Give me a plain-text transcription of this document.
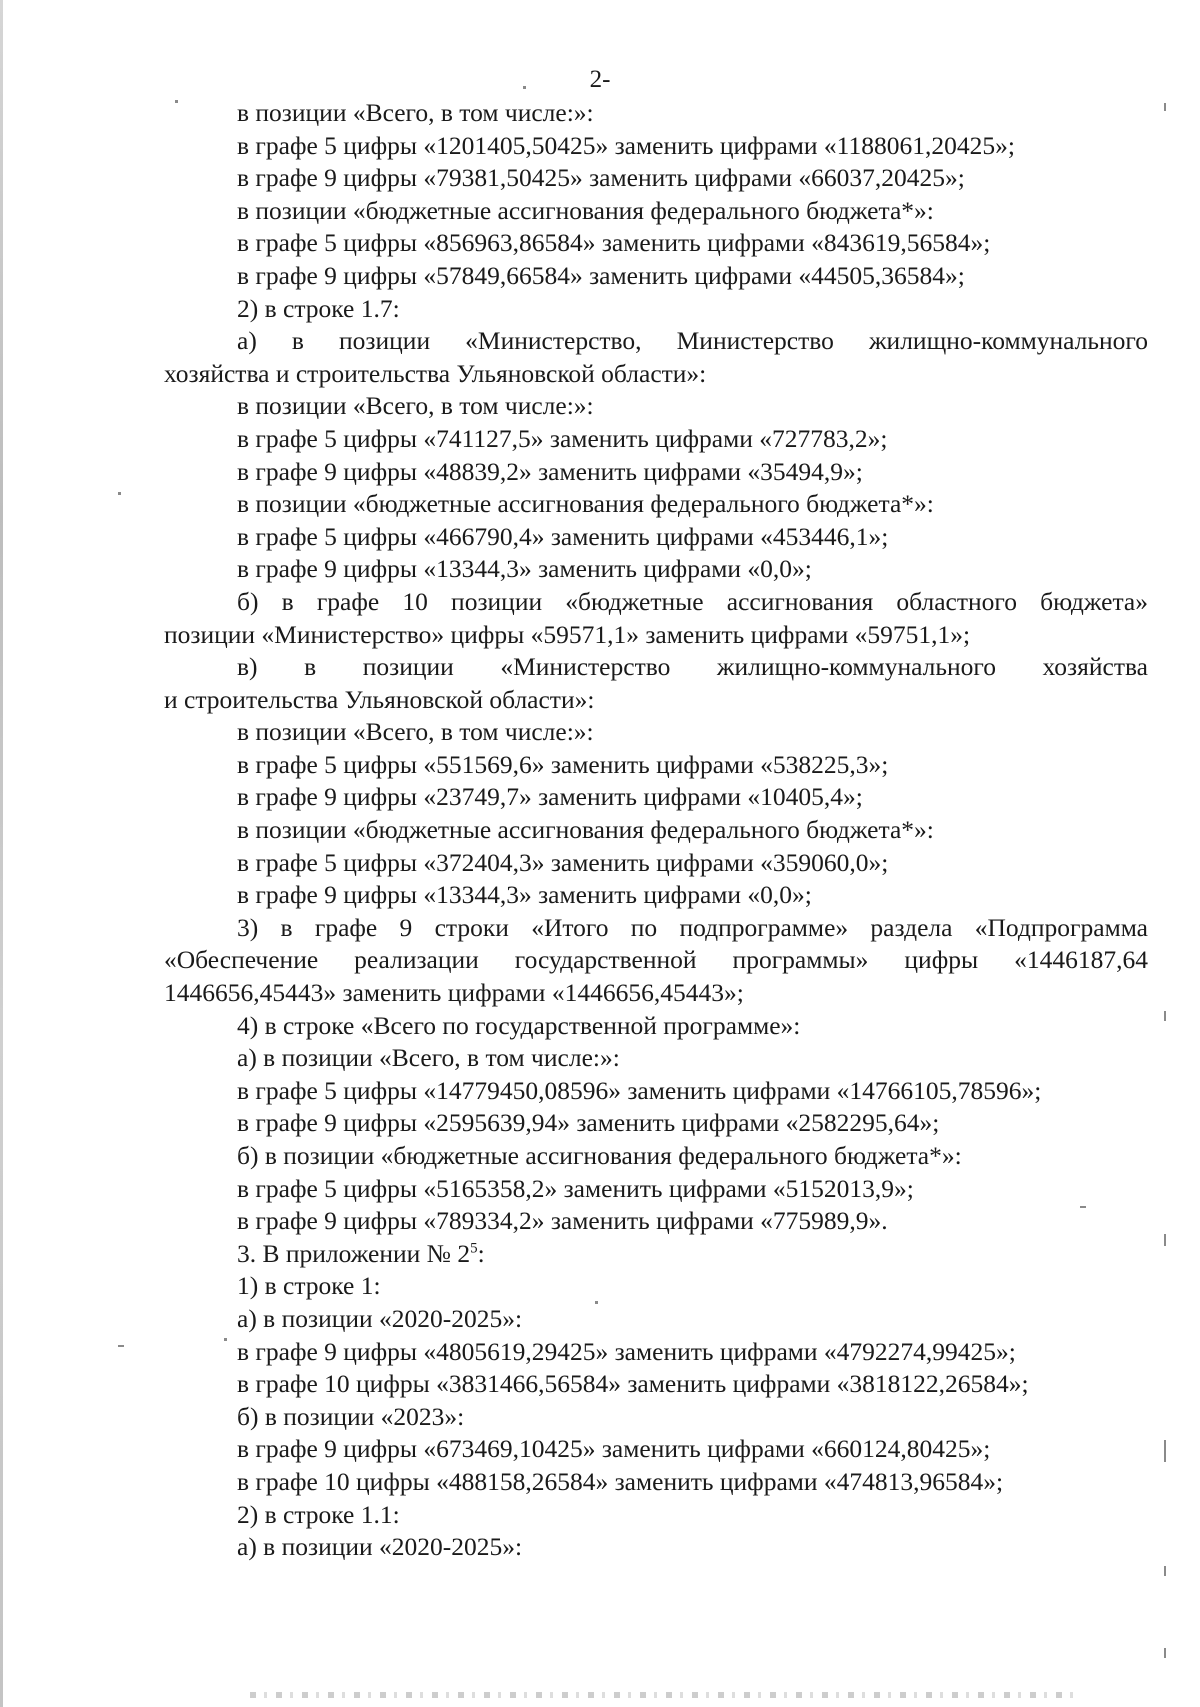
2-
в позиции «Всего, в том числе:»:
в графе 5 цифры «1201405,50425» заменить цифрами «1188061,20425»;
в графе 9 цифры «79381,50425» заменить цифрами «66037,20425»;
в позиции «бюджетные ассигнования федерального бюджета*»:
в графе 5 цифры «856963,86584» заменить цифрами «843619,56584»;
в графе 9 цифры «57849,66584» заменить цифрами «44505,36584»;
2) в строке 1.7:
а) в позиции «Министерство, Министерство жилищно-коммунального
хозяйства и строительства Ульяновской области»:
в позиции «Всего, в том числе:»:
в графе 5 цифры «741127,5» заменить цифрами «727783,2»;
в графе 9 цифры «48839,2» заменить цифрами «35494,9»;
в позиции «бюджетные ассигнования федерального бюджета*»:
в графе 5 цифры «466790,4» заменить цифрами «453446,1»;
в графе 9 цифры «13344,3» заменить цифрами «0,0»;
б) в графе 10 позиции «бюджетные ассигнования областного бюджета»
позиции «Министерство» цифры «59571,1» заменить цифрами «59751,1»;
в) в позиции «Министерство жилищно-коммунального хозяйства
и строительства Ульяновской области»:
в позиции «Всего, в том числе:»:
в графе 5 цифры «551569,6» заменить цифрами «538225,3»;
в графе 9 цифры «23749,7» заменить цифрами «10405,4»;
в позиции «бюджетные ассигнования федерального бюджета*»:
в графе 5 цифры «372404,3» заменить цифрами «359060,0»;
в графе 9 цифры «13344,3» заменить цифрами «0,0»;
3) в графе 9 строки «Итого по подпрограмме» раздела «Подпрограмма
«Обеспечение реализации государственной программы» цифры «1446187,64
1446656,45443» заменить цифрами «1446656,45443»;
4) в строке «Всего по государственной программе»:
а) в позиции «Всего, в том числе:»:
в графе 5 цифры «14779450,08596» заменить цифрами «14766105,78596»;
в графе 9 цифры «2595639,94» заменить цифрами «2582295,64»;
б) в позиции «бюджетные ассигнования федерального бюджета*»:
в графе 5 цифры «5165358,2» заменить цифрами «5152013,9»;
в графе 9 цифры «789334,2» заменить цифрами «775989,9».
3. В приложении № $2^5$:
1) в строке 1:
а) в позиции «2020-2025»:
в графе 9 цифры «4805619,29425» заменить цифрами «4792274,99425»;
в графе 10 цифры «3831466,56584» заменить цифрами «3818122,26584»;
б) в позиции «2023»:
в графе 9 цифры «673469,10425» заменить цифрами «660124,80425»;
в графе 10 цифры «488158,26584» заменить цифрами «474813,96584»;
2) в строке 1.1:
а) в позиции «2020-2025»:
